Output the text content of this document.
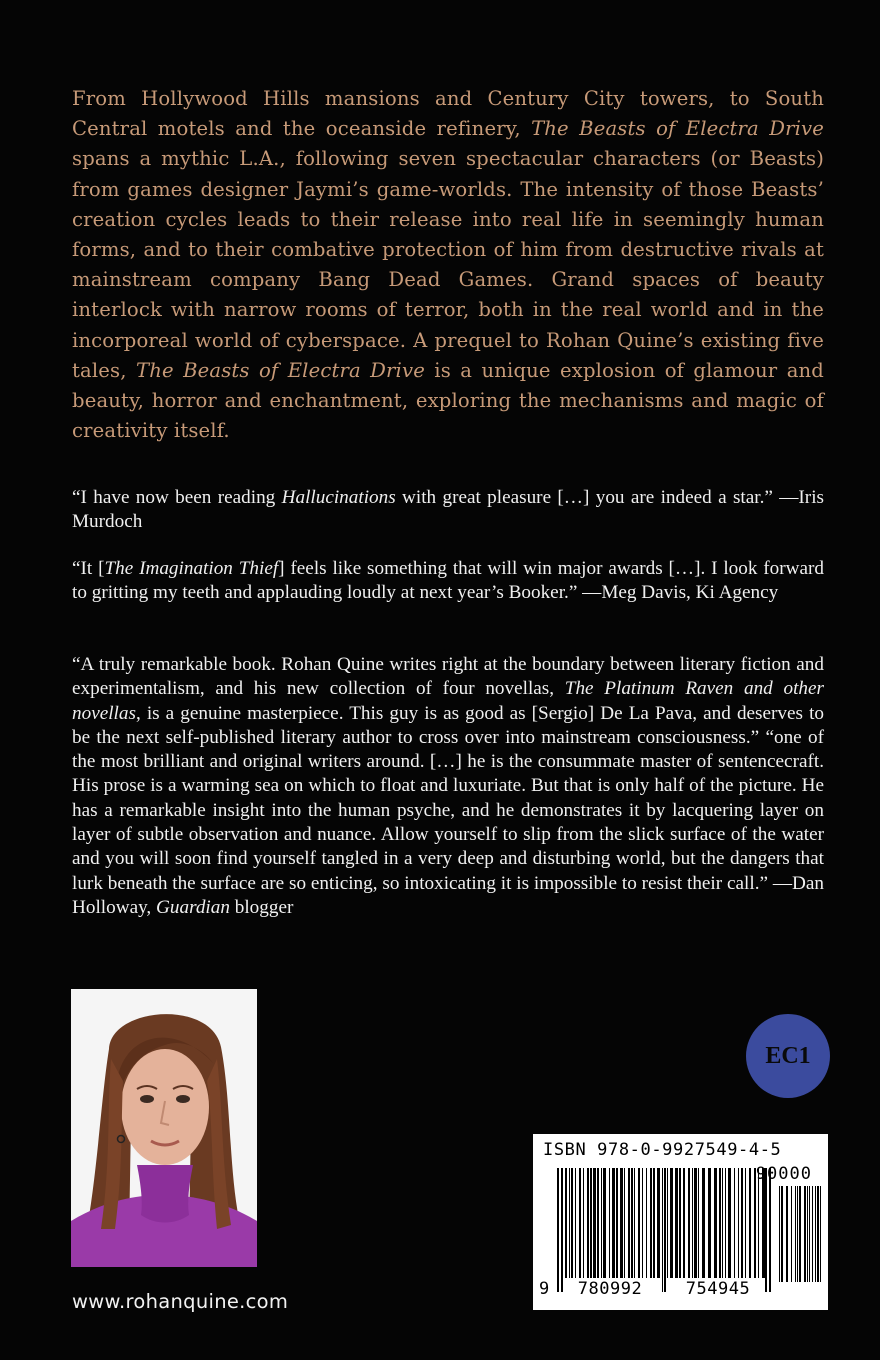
From Hollywood Hills mansions and Century City towers, to South Central motels and the oceanside refinery, The Beasts of Electra Drive spans a mythic L.A., following seven spectacular characters (or Beasts) from games designer Jaymi’s game-worlds. The intensity of those Beasts’ creation cycles leads to their release into real life in seemingly human forms, and to their combative protection of him from destructive rivals at mainstream company Bang Dead Games. Grand spaces of beauty interlock with narrow rooms of terror, both in the real world and in the incorporeal world of cyberspace. A prequel to Rohan Quine’s existing five tales, The Beasts of Electra Drive is a unique explosion of glamour and beauty, horror and enchantment, exploring the mechanisms and magic of creativity itself.

“I have now been reading Hallucinations with great pleasure […] you are indeed a star.” —Iris Murdoch

“It [The Imagination Thief] feels like something that will win major awards […]. I look forward to gritting my teeth and applauding loudly at next year’s Booker.” —Meg Davis, Ki Agency

“A truly remarkable book. Rohan Quine writes right at the boundary between literary fiction and experimentalism, and his new collection of four novellas, The Platinum Raven and other novellas, is a genuine masterpiece. This guy is as good as [Sergio] De La Pava, and deserves to be the next self-published literary author to cross over into mainstream consciousness.” “one of the most brilliant and original writers around. […] he is the consummate master of sentencecraft. His prose is a warming sea on which to float and luxuriate. But that is only half of the picture. He has a remarkable insight into the human psyche, and he demonstrates it by lacquering layer on layer of subtle observation and nuance. Allow yourself to slip from the slick surface of the water and you will soon find yourself tangled in a very deep and disturbing world, but the dangers that lurk beneath the surface are so enticing, so intoxicating it is impossible to resist their call.” —Dan Holloway, Guardian blogger

EC1
ISBN 978-0-9927549-4-5
90000
9 780992	754945
www.rohanquine.com
